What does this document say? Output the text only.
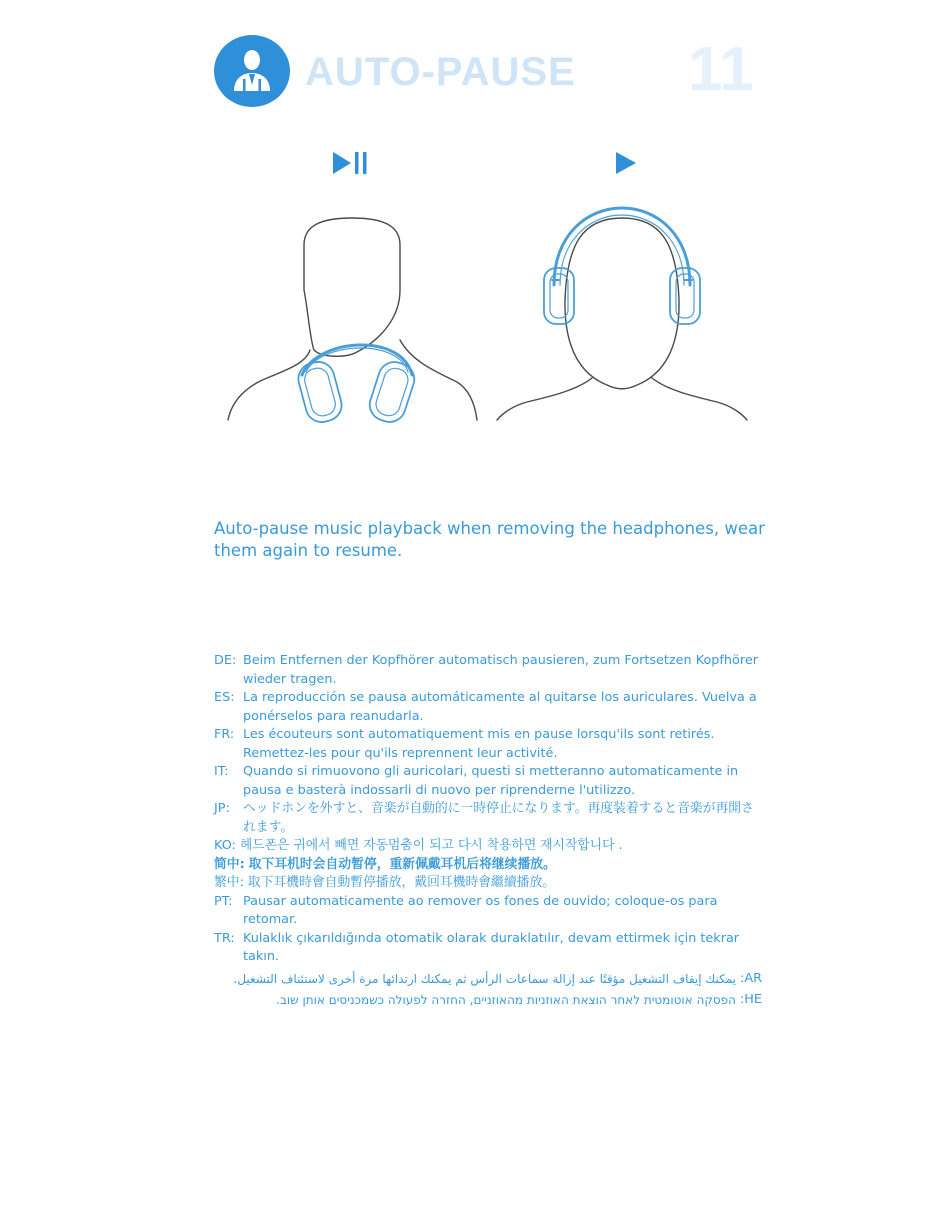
AUTO-PAUSE 11
Auto-pause music playback when removing the headphones, wear them again to resume.
DE: Beim Entfernen der Kopfhörer automatisch pausieren, zum Fortsetzen Kopfhörer wieder tragen.
ES: La reproducción se pausa automáticamente al quitarse los auriculares. Vuelva a ponérselos para reanudarla.
FR: Les écouteurs sont automatiquement mis en pause lorsqu'ils sont retirés. Remettez-les pour qu'ils reprennent leur activité.
IT:	Quando si rimuovono gli auricolari, questi si metteranno automaticamente in pausa e basterà indossarli di nuovo per riprenderne l'utilizzo.
JP:	ヘッドホンを外すと、音楽が自動的に一時停止になります。再度装着すると音楽が再開されます。
KO: 헤드폰은 귀에서 빼면 자동멈춤이 되고 다시 착용하면 재시작합니다 .
简中: 取下耳机时会自动暂停，重新佩戴耳机后将继续播放。
繁中: 取下耳機時會自動暫停播放，戴回耳機時會繼續播放。
PT: Pausar automaticamente ao remover os fones de ouvido; coloque-os para retomar.
TR: Kulaklık çıkarıldığında otomatik olarak duraklatılır, devam ettirmek için tekrar takın.
:AR
يمكنك إيقاف التشغيل مؤقتًا عند إزالة سماعات الرأس ثم يمكنك ارتدائها مرة أخرى لاستئناف التشغيل.
:HE
הפסקה אוטומטית לאחר הוצאת האוזניות מהאוזניים, החזרה לפעולה כשמכניסים אותן שוב.
